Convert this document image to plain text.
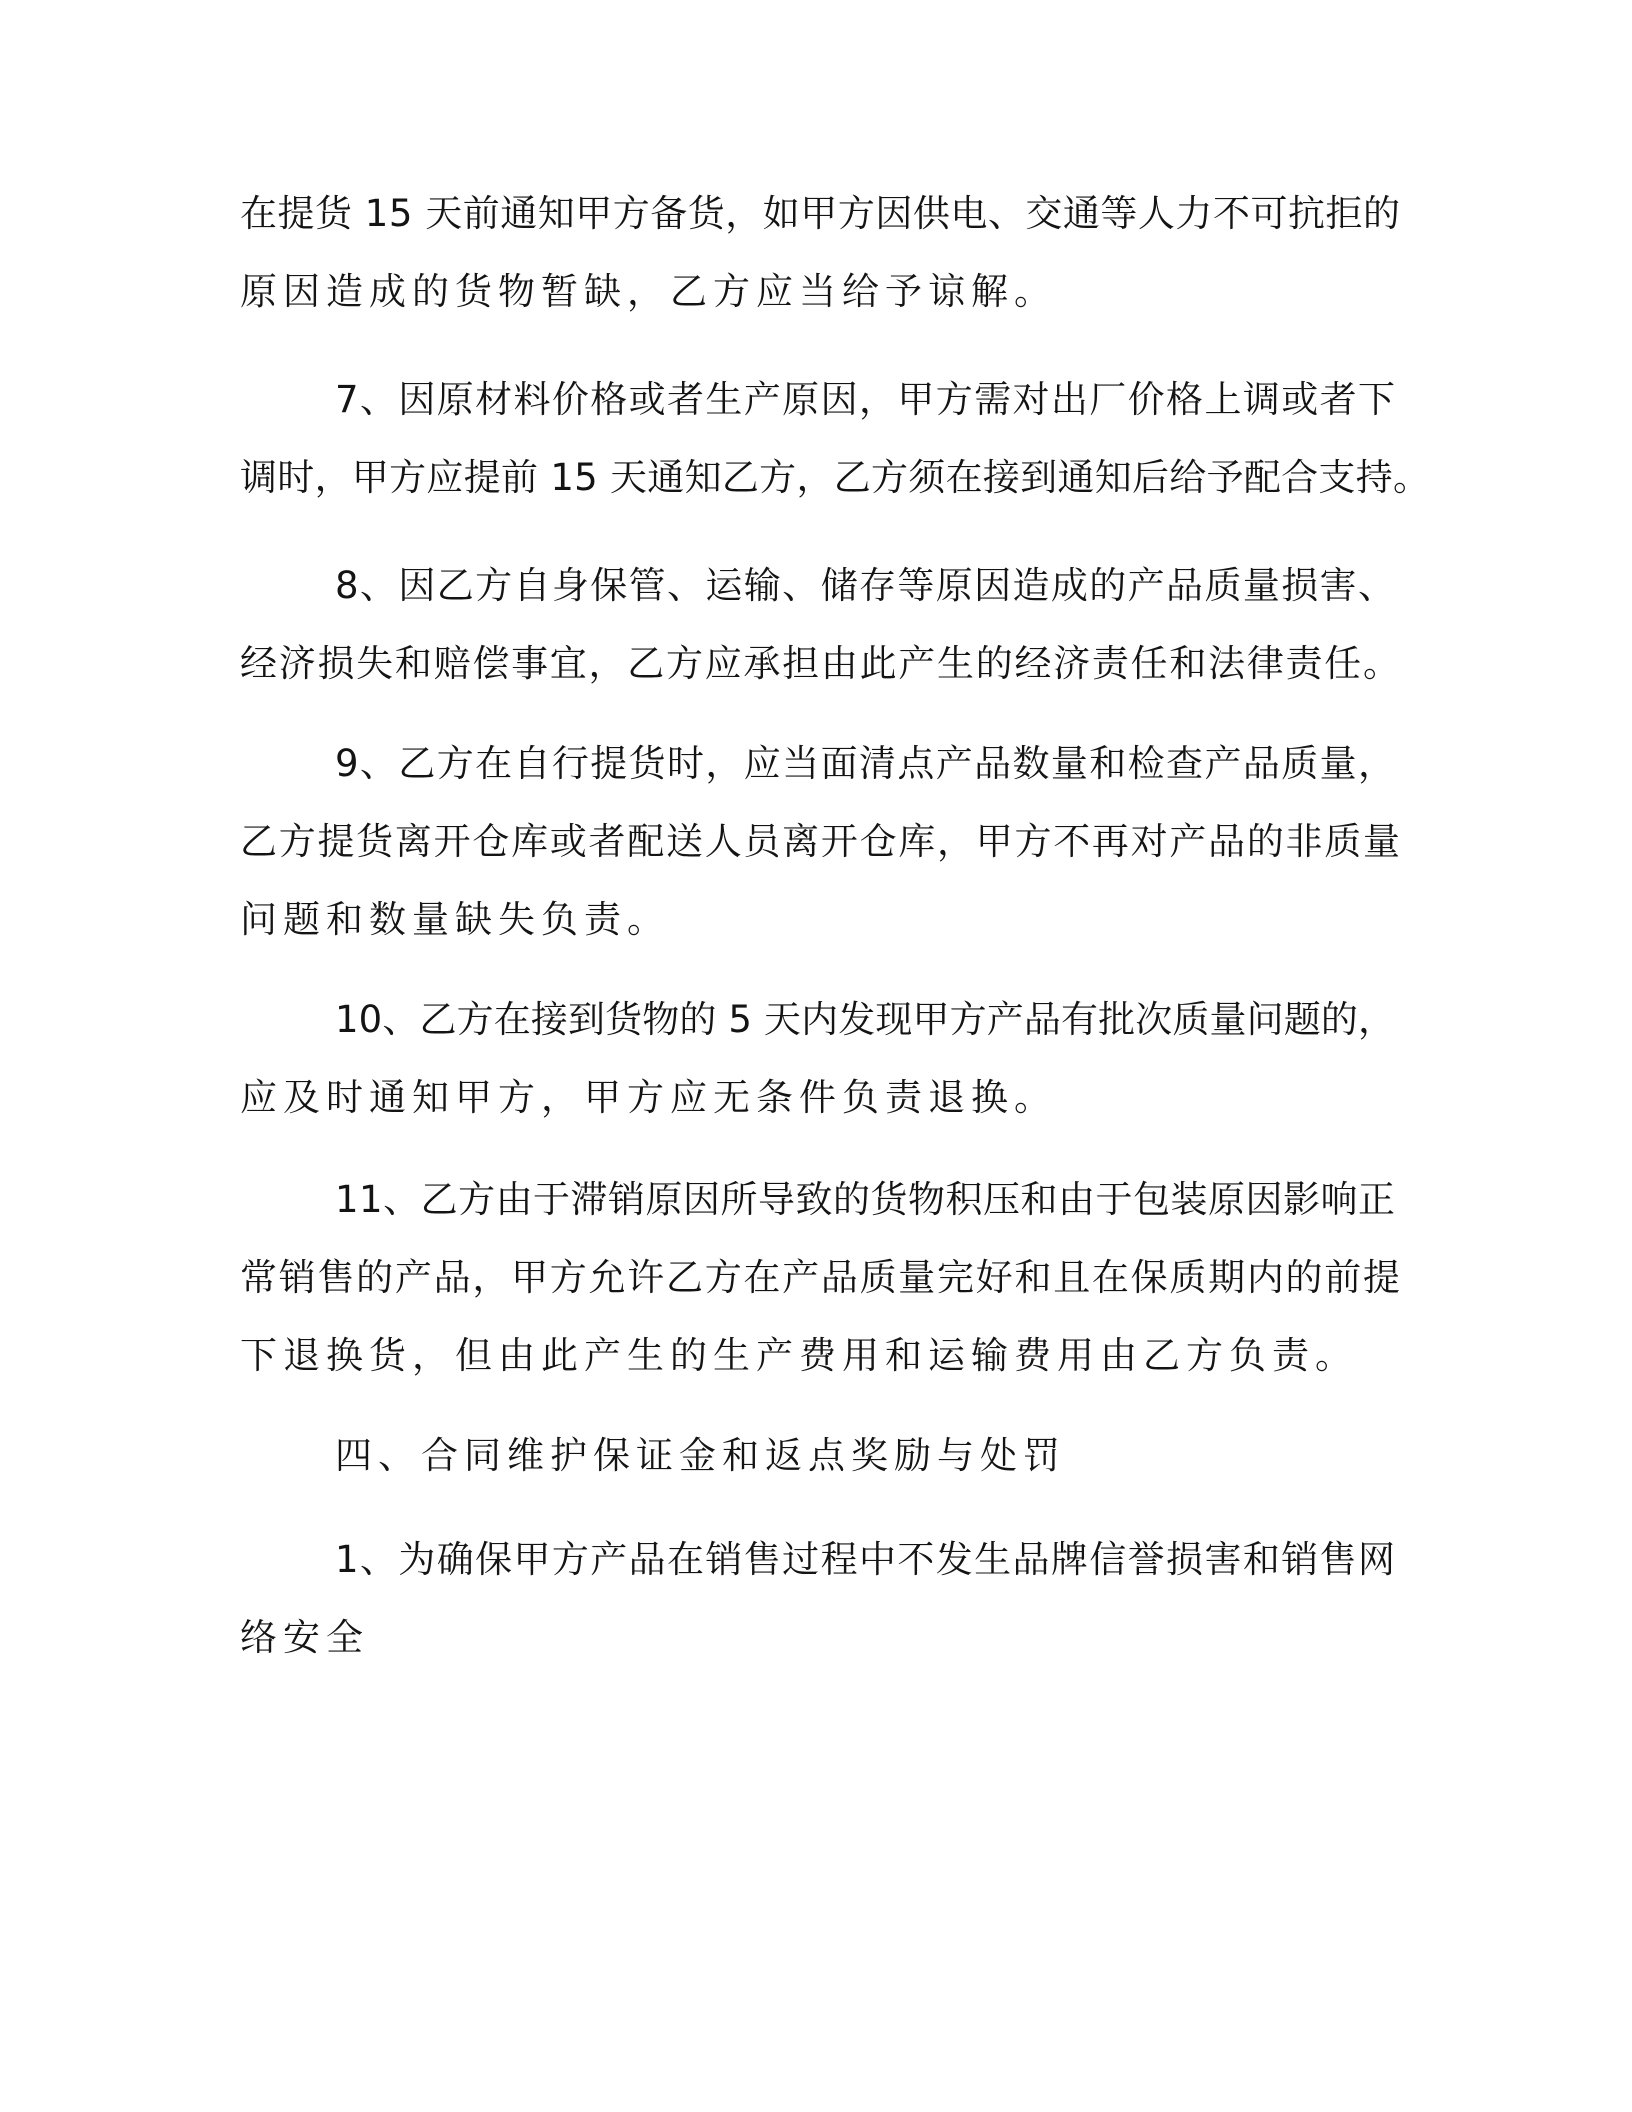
在提货 15 天前通知甲方备货，如甲方因供电、交通等人力不可抗拒的
原因造成的货物暂缺，乙方应当给予谅解。
7、因原材料价格或者生产原因，甲方需对出厂价格上调或者下
调时，甲方应提前 15 天通知乙方，乙方须在接到通知后给予配合支持。
8、因乙方自身保管、运输、储存等原因造成的产品质量损害、
经济损失和赔偿事宜，乙方应承担由此产生的经济责任和法律责任。
9、乙方在自行提货时，应当面清点产品数量和检查产品质量，
乙方提货离开仓库或者配送人员离开仓库，甲方不再对产品的非质量
问题和数量缺失负责。
10、乙方在接到货物的 5 天内发现甲方产品有批次质量问题的，
应及时通知甲方，甲方应无条件负责退换。
11、乙方由于滞销原因所导致的货物积压和由于包装原因影响正
常销售的产品，甲方允许乙方在产品质量完好和且在保质期内的前提
下退换货，但由此产生的生产费用和运输费用由乙方负责。
四、合同维护保证金和返点奖励与处罚
1、为确保甲方产品在销售过程中不发生品牌信誉损害和销售网
络安全
